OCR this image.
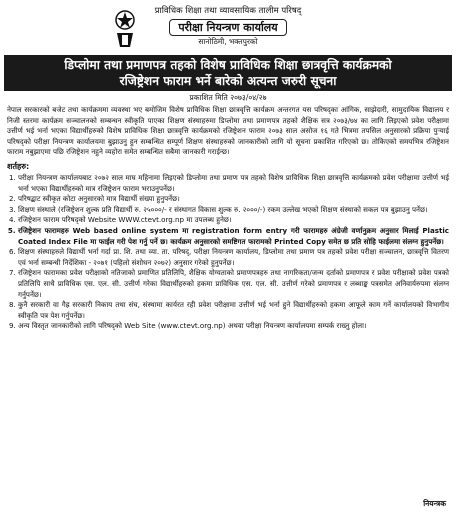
प्राविधिक शिक्षा तथा व्यावसायिक तालीम परिषद्
परीक्षा नियन्त्रण कार्यालय
सानोठिमी, भक्तपुरको
डिप्लोमा तथा प्रमाणपत्र तहको विशेष प्राविधिक शिक्षा छात्रवृत्ति कार्यक्रमको
रजिष्ट्रेशन फाराम भर्ने बारेको अत्यन्त जरुरी सूचना
प्रकाशित मिति २०७३/०४/२७
नेपाल सरकारको बजेट तथा कार्यक्रममा व्यवस्था भए बमोजिम विशेष प्राविधिक शिक्षा छात्रवृत्ति कार्यक्रम अन्तरगत यस परिषद्का आंगिक, साझेदारी, सामुदायिक विद्यालय र निजी स्तरमा कार्यक्रम सञ्चालनको सम्बन्धन स्वीकृति पाएका शिक्षण संस्थाहरुमा डिप्लोमा तथा प्रमाणपत्र तहको शैक्षिक सत्र २०७३/७४ का लागि लिइएको प्रवेश परीक्षामा उत्तीर्ण भई भर्ना भएका विद्यार्थीहरुको विशेष प्राविधिक शिक्षा छात्रवृत्ति कार्यक्रमको रजिष्ट्रेशन फाराम २०७३ साल असोज १६ गते भित्रमा तपसिल अनुसारको प्रक्रिया पुऱ्याई परिषद्को परीक्षा नियन्त्रण कार्यालयमा बुझाउनु हुन सम्बन्धित सम्पूर्ण शिक्षण संस्थाहरुको जानकारीको लागि यो सूचना प्रकाशित गरिएको छ। तोकिएको समयभित्र रजिष्ट्रेशन फाराम नबुझाएमा पछि रजिष्ट्रेशन नहुने व्यहोरा समेत सम्बन्धित सबैमा जानकारी गराईन्छ।
शर्तहरु:
1. परीक्षा नियन्त्रण कार्यालयबाट २०७२ साल माघ महिनामा लिइएको डिप्लोमा तथा प्रमाण पत्र तहको विशेष प्राविधिक शिक्षा छात्रवृत्ति कार्यक्रमको प्रवेश परीक्षामा उत्तीर्ण भई भर्ना भएका विद्यार्थीहरुको मात्र रजिष्ट्रेशन फाराम भराउनुपर्नेछ।
2. परिषद्बाट स्वीकृत कोटा अनुसारको मात्र विद्यार्थी संख्या हुनुपर्नेछ।
3. शिक्षण संस्थाले (रजिष्ट्रेशन शुल्क प्रति विद्यार्थी रु. २५०००/- र संस्थागत विकास शुल्क रु. २०००/-) रकम उल्लेख भएको शिक्षण संस्थाको सकल पत्र बुझाउनु पर्नेछ।
4. रजिष्ट्रेशन फाराम परिषद्को Website WWW.ctevt.org.np मा उपलब्ध हुनेछ।
5. रजिष्ट्रेशन फारामहरु Web based online system मा registration form entry गरी फारामहरु अंग्रेजी वर्णानुक्रम अनुसार मिलाई Plastic Coated Index File मा फाईल गरी पेश गर्नु पर्ने छ। कार्यक्रम अनुसारको समष्टिगत फारामको Printed Copy समेत छ प्रति सोहि फाईलमा संलग्न हुनुपर्नेछ।
6. शिक्षण संस्थाहरुले विद्यार्थी भर्ना गर्दा प्रा. शि. तथा व्या. ता. परिषद्, परीक्षा नियन्त्रण कार्यालय, डिप्लोमा तथा प्रमाण पत्र तहको प्रवेश परीक्षा सञ्चालन, छात्रवृत्ति वितरण एवं भर्ना सम्बन्धी निर्देशिका - २०७१ (पहिलो संशोधन २०७२) अनुसार गरेको हुनुपर्नेछ।
7. रजिष्ट्रेशन फारामका प्रवेश परीक्षाको नतिजाको प्रमाणित प्रतिलिपि, शैक्षिक योग्यताको प्रमाणपत्रहरु तथा नागरिकता/जन्म दर्ताको प्रमाणपत्र र प्रवेश परीक्षाको प्रवेश पत्रको प्रतिलिपि साथै प्राविधिक एस. एल. सी. उत्तीर्ण गरेका विद्यार्थीहरुको हकमा प्राविधिक एस. एल. सी. उत्तीर्ण गरेको प्रमाणपत्र र लब्धाङ्क पत्रसमेत अनिवार्यरुपमा संलग्न गर्नुपर्नेछ।
8. कुनै सरकारी वा गैह्र सरकारी निकाय तथा संघ, संस्थामा कार्यरत रही प्रवेश परीक्षामा उत्तीर्ण भई भर्ना हुने विद्यार्थीहरुको हकमा आफूले काम गर्ने कार्यालयको विभागीय स्वीकृति पत्र पेश गर्नुपर्नेछ।
9. अन्य विस्तृत जानकारीको लागि परिषद्को Web Site (www.ctevt.org.np) अथवा परीक्षा नियन्त्रण कार्यालयमा सम्पर्क राख्नु होला।
नियन्त्रक
